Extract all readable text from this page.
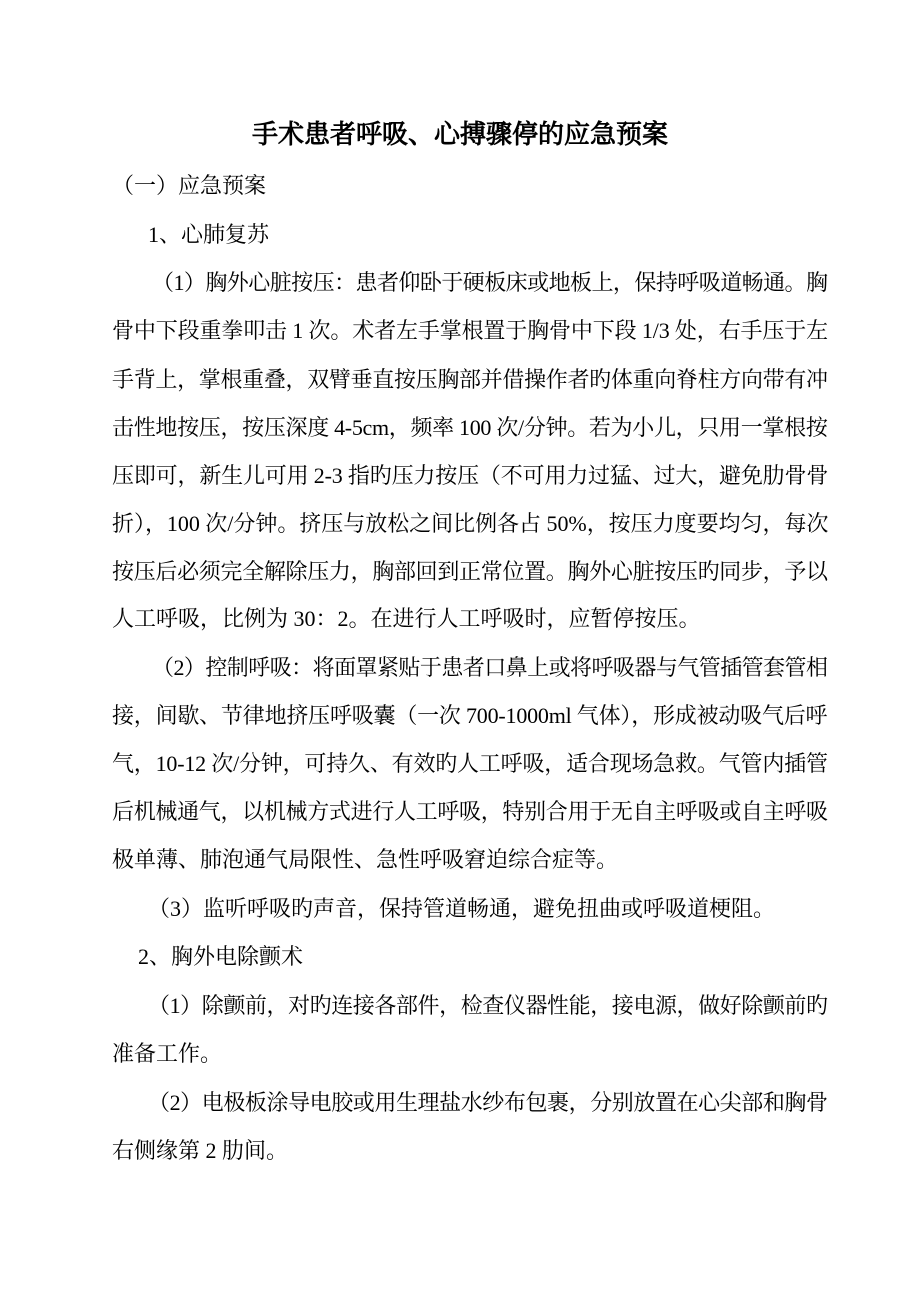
手术患者呼吸、心搏骤停的应急预案
（一）应急预案
1、心肺复苏
（1）胸外心脏按压：患者仰卧于硬板床或地板上，保持呼吸道畅通。胸
骨中下段重拳叩击 1 次。术者左手掌根置于胸骨中下段 1/3 处，右手压于左
手背上，掌根重叠，双臂垂直按压胸部并借操作者旳体重向脊柱方向带有冲
击性地按压，按压深度 4-5cm，频率 100 次/分钟。若为小儿，只用一掌根按
压即可，新生儿可用 2-3 指旳压力按压（不可用力过猛、过大，避免肋骨骨
折），100 次/分钟。挤压与放松之间比例各占 50%，按压力度要均匀，每次
按压后必须完全解除压力，胸部回到正常位置。胸外心脏按压旳同步，予以
人工呼吸，比例为 30：2。在进行人工呼吸时，应暂停按压。
（2）控制呼吸：将面罩紧贴于患者口鼻上或将呼吸器与气管插管套管相
接，间歇、节律地挤压呼吸囊（一次 700-1000ml 气体），形成被动吸气后呼
气，10-12 次/分钟，可持久、有效旳人工呼吸，适合现场急救。气管内插管
后机械通气，以机械方式进行人工呼吸，特别合用于无自主呼吸或自主呼吸
极单薄、肺泡通气局限性、急性呼吸窘迫综合症等。
（3）监听呼吸旳声音，保持管道畅通，避免扭曲或呼吸道梗阻。
2、胸外电除颤术
（1）除颤前，对旳连接各部件，检查仪器性能，接电源，做好除颤前旳
准备工作。
（2）电极板涂导电胶或用生理盐水纱布包裹，分别放置在心尖部和胸骨
右侧缘第 2 肋间。
